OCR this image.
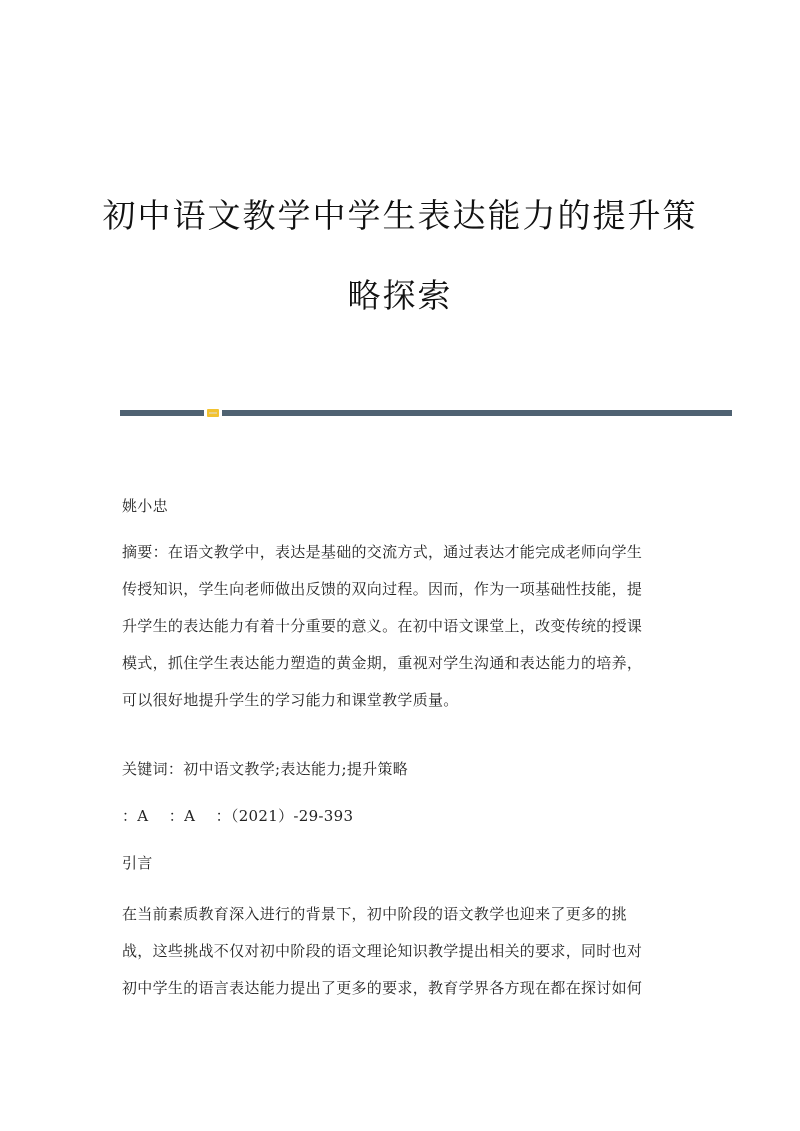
初中语文教学中学生表达能力的提升策
略探索
姚小忠
摘要：在语文教学中，表达是基础的交流方式，通过表达才能完成老师向学生
传授知识，学生向老师做出反馈的双向过程。因而，作为一项基础性技能，提
升学生的表达能力有着十分重要的意义。在初中语文课堂上，改变传统的授课
模式，抓住学生表达能力塑造的黄金期，重视对学生沟通和表达能力的培养，
可以很好地提升学生的学习能力和课堂教学质量。
关键词：初中语文教学;表达能力;提升策略
：A　 ：A　 ：（2021）-29-393
引言
在当前素质教育深入进行的背景下，初中阶段的语文教学也迎来了更多的挑
战，这些挑战不仅对初中阶段的语文理论知识教学提出相关的要求，同时也对
初中学生的语言表达能力提出了更多的要求，教育学界各方现在都在探讨如何
